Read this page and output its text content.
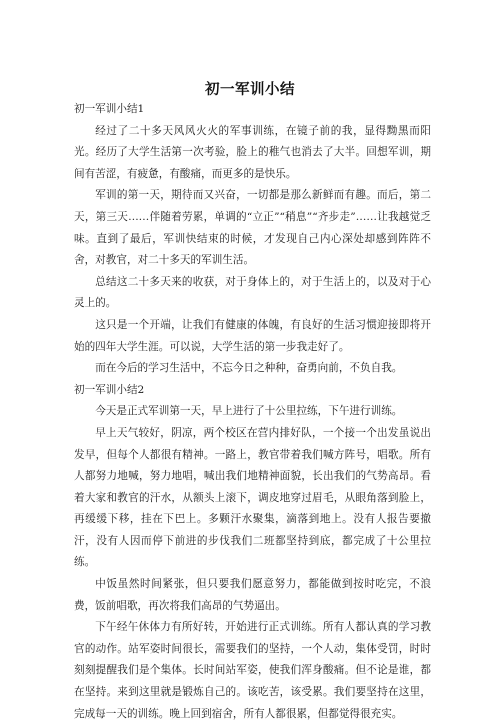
初一军训小结

初一军训小结1

经过了二十多天风风火火的军事训练，在镜子前的我，显得黝黑而阳光。经历了大学生活第一次考验，脸上的稚气也消去了大半。回想军训，期间有苦涩，有疲惫，有酸痛，而更多的是快乐。

军训的第一天，期待而又兴奋，一切都是那么新鲜而有趣。而后，第二天，第三天……伴随着劳累，单调的“立正”“稍息”“齐步走”……让我越觉乏味。直到了最后，军训快结束的时候，才发现自己内心深处却感到阵阵不舍，对教官，对二十多天的军训生活。

总结这二十多天来的收获，对于身体上的，对于生活上的，以及对于心灵上的。

这只是一个开端，让我们有健康的体魄，有良好的生活习惯迎接即将开始的四年大学生涯。可以说，大学生活的第一步我走好了。

而在今后的学习生活中，不忘今日之种种，奋勇向前，不负自我。

初一军训小结2

今天是正式军训第一天，早上进行了十公里拉练，下午进行训练。

早上天气较好，阴凉，两个校区在营内排好队，一个接一个出发虽说出发早，但每个人都很有精神。一路上，教官带着我们喊方阵号，唱歌。所有人都努力地喊，努力地唱，喊出我们地精神面貌，长出我们的气势高昂。看着大家和教官的汗水，从额头上滚下，调皮地穿过眉毛，从眼角落到脸上，再缓缓下移，挂在下巴上。多颗汗水聚集，滴落到地上。没有人报告要撤汗，没有人因而停下前进的步伐我们二班都坚持到底，都完成了十公里拉练。

中饭虽然时间紧张，但只要我们愿意努力，都能做到按时吃完，不浪费，饭前唱歌，再次将我们高昂的气势逼出。

下午经午休体力有所好转，开始进行正式训练。所有人都认真的学习教官的动作。站军姿时间很长，需要我们的坚持，一个人动，集体受罚，时时刻刻提醒我们是个集体。长时间站军姿，使我们浑身酸痛。但不论是谁，都在坚持。来到这里就是锻炼自己的。该吃苦，该受累。我们要坚持在这里，完成每一天的训练。晚上回到宿舍，所有人都很累，但都觉得很充实。
